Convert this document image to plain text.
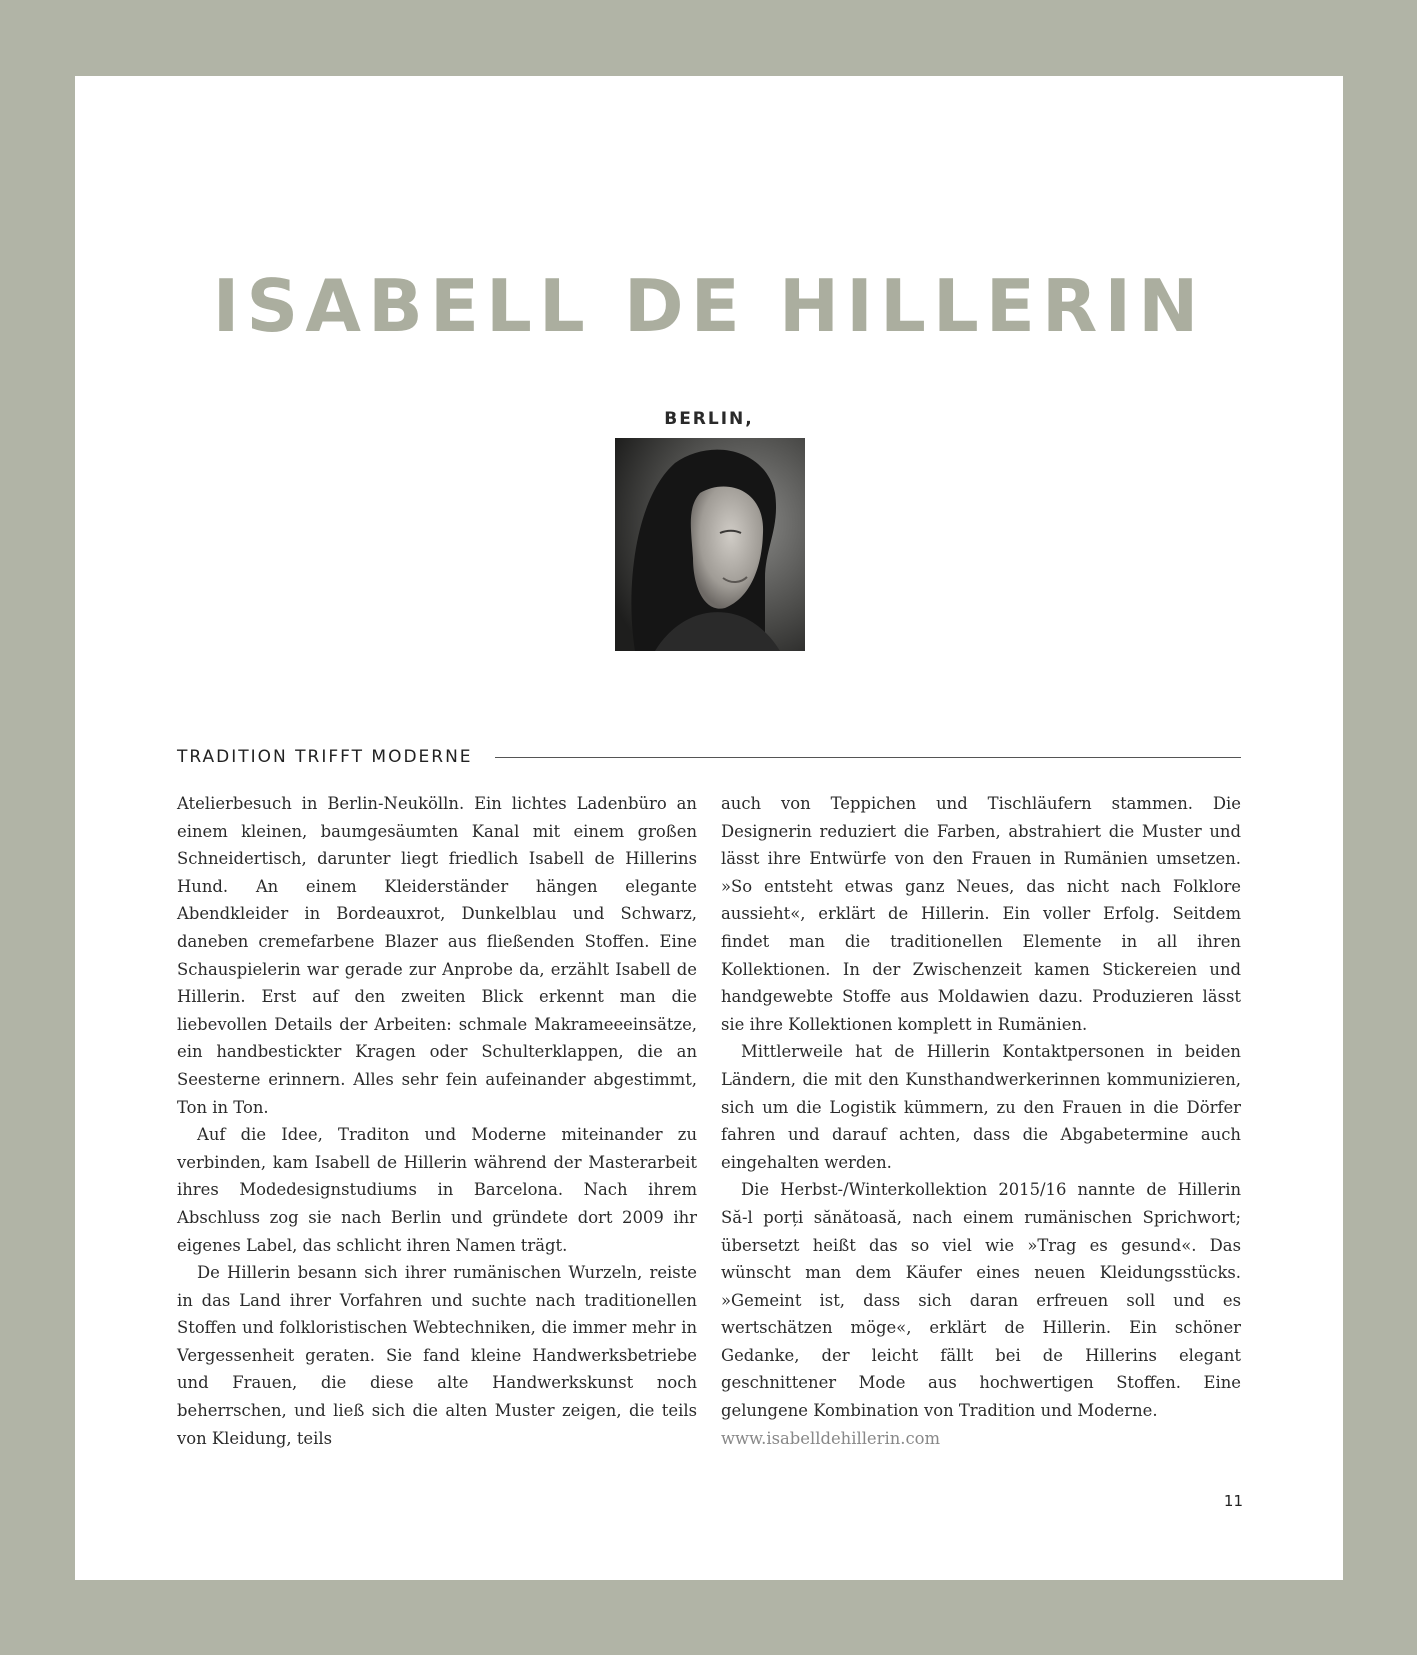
ISABELL DE HILLERIN
BERLIN,
TRADITION TRIFFT MODERNE

Atelierbesuch in Berlin-Neukölln. Ein lichtes Ladenbüro an einem kleinen, baumgesäumten Kanal mit einem großen Schneidertisch, darunter liegt friedlich Isabell de Hillerins Hund. An einem Kleiderständer hängen elegante Abendkleider in Bordeauxrot, Dunkelblau und Schwarz, daneben cremefarbene Blazer aus fließenden Stoffen. Eine Schauspielerin war gerade zur Anprobe da, erzählt Isabell de Hillerin. Erst auf den zweiten Blick erkennt man die liebevollen Details der Arbeiten: schmale Makrameeeinsätze, ein handbestickter Kragen oder Schulterklappen, die an Seesterne erinnern. Alles sehr fein aufeinander abgestimmt, Ton in Ton.

Auf die Idee, Traditon und Moderne miteinander zu verbinden, kam Isabell de Hillerin während der Masterarbeit ihres Modedesignstudiums in Barcelona. Nach ihrem Abschluss zog sie nach Berlin und gründete dort 2009 ihr eigenes Label, das schlicht ihren Namen trägt.

De Hillerin besann sich ihrer rumänischen Wurzeln, reiste in das Land ihrer Vorfahren und suchte nach traditionellen Stoffen und folkloristischen Webtechniken, die immer mehr in Vergessenheit geraten. Sie fand kleine Handwerksbetriebe und Frauen, die diese alte Handwerkskunst noch beherrschen, und ließ sich die alten Muster zeigen, die teils von Kleidung, teils

auch von Teppichen und Tischläufern stammen. Die Designerin reduziert die Farben, abstrahiert die Muster und lässt ihre Entwürfe von den Frauen in Rumänien umsetzen. »So entsteht etwas ganz Neues, das nicht nach Folklore aussieht«, erklärt de Hillerin. Ein voller Erfolg. Seitdem findet man die traditionellen Elemente in all ihren Kollektionen. In der Zwischenzeit kamen Stickereien und handgewebte Stoffe aus Moldawien dazu. Produzieren lässt sie ihre Kollektionen komplett in Rumänien.

Mittlerweile hat de Hillerin Kontaktpersonen in beiden Ländern, die mit den Kunsthandwerkerinnen kommunizieren, sich um die Logistik kümmern, zu den Frauen in die Dörfer fahren und darauf achten, dass die Abgabetermine auch eingehalten werden.

Die Herbst-/Winterkollektion 2015/16 nannte de Hillerin Să-l porți sănătoasă, nach einem rumänischen Sprichwort; übersetzt heißt das so viel wie »Trag es gesund«. Das wünscht man dem Käufer eines neuen Kleidungsstücks. »Gemeint ist, dass sich daran erfreuen soll und es wertschätzen möge«, erklärt de Hillerin. Ein schöner Gedanke, der leicht fällt bei de Hillerins elegant geschnittener Mode aus hochwertigen Stoffen. Eine gelungene Kombination von Tradition und Moderne.

www.isabelldehillerin.com
11
